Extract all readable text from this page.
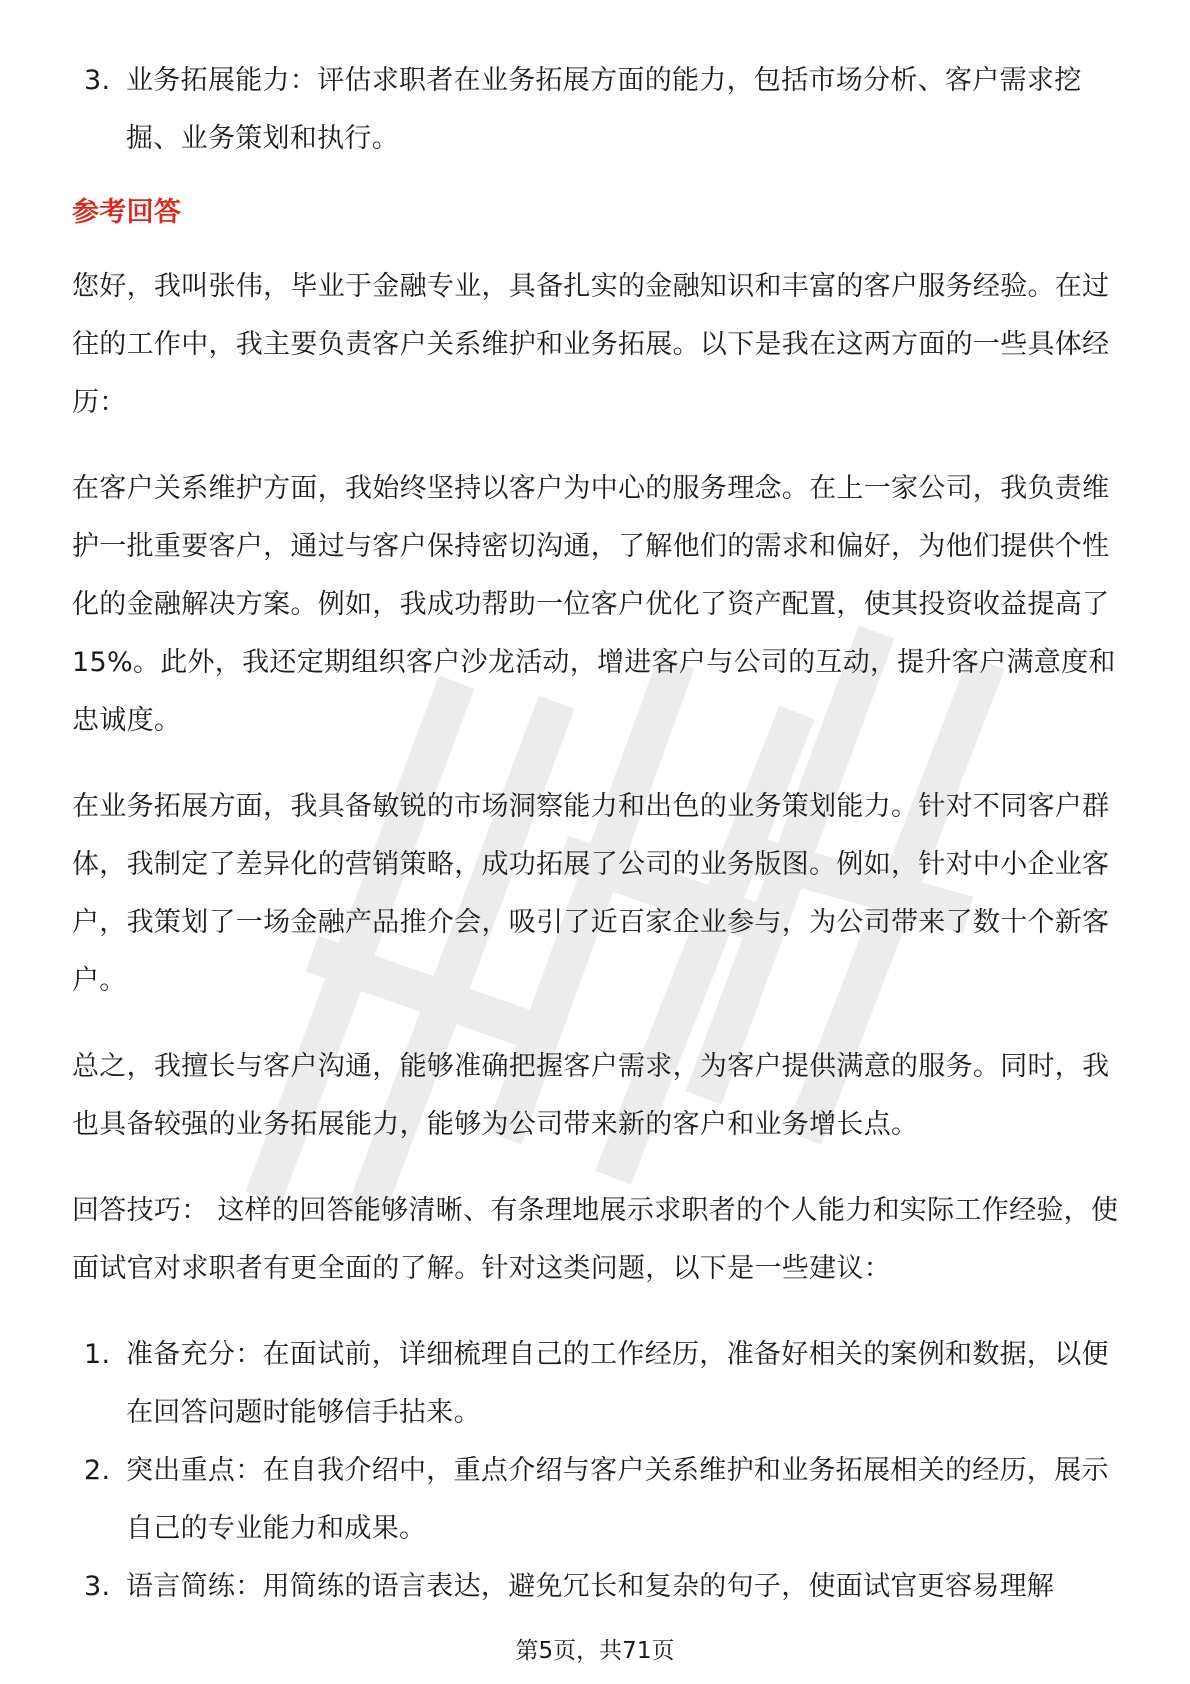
3. 业务拓展能力：评估求职者在业务拓展方面的能力，包括市场分析、客户需求挖掘、业务策划和执行。
参考回答
您好，我叫张伟，毕业于金融专业，具备扎实的金融知识和丰富的客户服务经验。在过往的工作中，我主要负责客户关系维护和业务拓展。以下是我在这两方面的一些具体经历：
在客户关系维护方面，我始终坚持以客户为中心的服务理念。在上一家公司，我负责维护一批重要客户，通过与客户保持密切沟通，了解他们的需求和偏好，为他们提供个性化的金融解决方案。例如，我成功帮助一位客户优化了资产配置，使其投资收益提高了15%。此外，我还定期组织客户沙龙活动，增进客户与公司的互动，提升客户满意度和忠诚度。
在业务拓展方面，我具备敏锐的市场洞察能力和出色的业务策划能力。针对不同客户群体，我制定了差异化的营销策略，成功拓展了公司的业务版图。例如，针对中小企业客户，我策划了一场金融产品推介会，吸引了近百家企业参与，为公司带来了数十个新客户。
总之，我擅长与客户沟通，能够准确把握客户需求，为客户提供满意的服务。同时，我也具备较强的业务拓展能力，能够为公司带来新的客户和业务增长点。
回答技巧： 这样的回答能够清晰、有条理地展示求职者的个人能力和实际工作经验，使面试官对求职者有更全面的了解。针对这类问题，以下是一些建议：
1. 准备充分：在面试前，详细梳理自己的工作经历，准备好相关的案例和数据，以便在回答问题时能够信手拈来。
2. 突出重点：在自我介绍中，重点介绍与客户关系维护和业务拓展相关的经历，展示自己的专业能力和成果。
3. 语言简练：用简练的语言表达，避免冗长和复杂的句子，使面试官更容易理解
第5页，共71页
